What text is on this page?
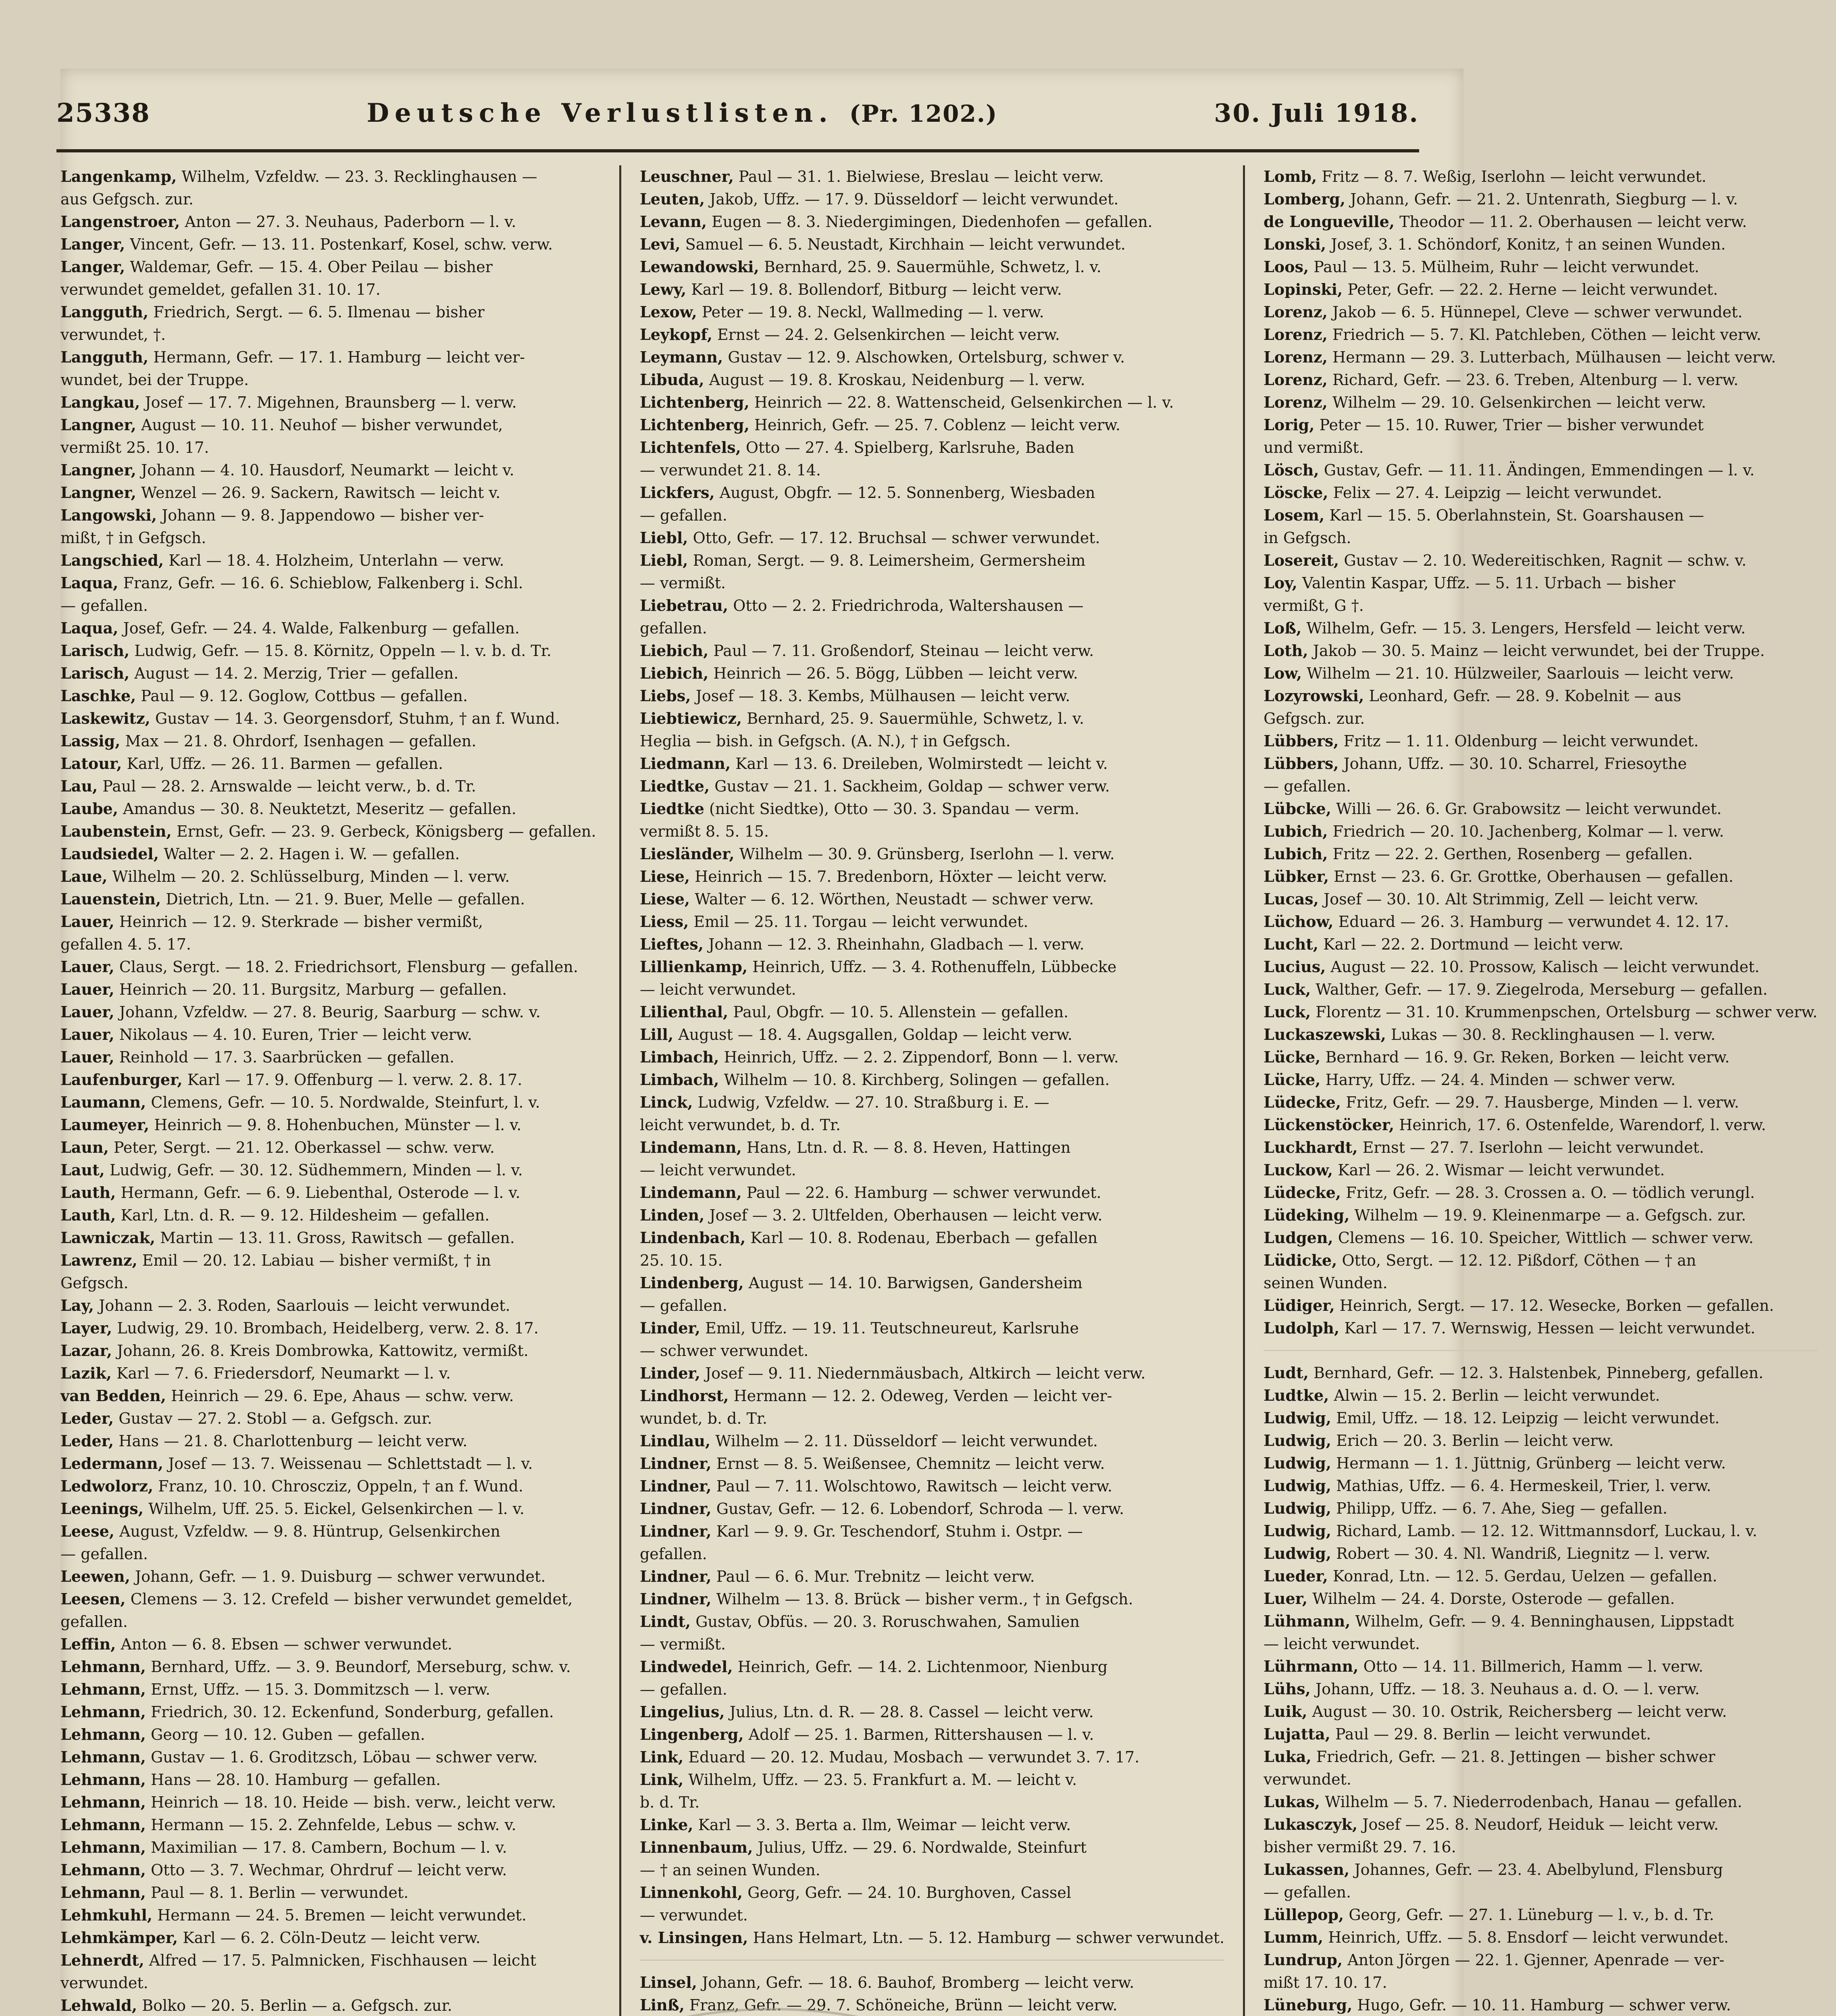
25338	Deutsche Verlustlisten. (Pr. 1202.)	30. Juli 1918.
Langenkamp, Wilhelm, Vzfeldw. — 23. 3. Recklinghausen —
aus Gefgsch. zur.
Langenstroer, Anton — 27. 3. Neuhaus, Paderborn — l. v.
Langer, Vincent, Gefr. — 13. 11. Postenkarf, Kosel, schw. verw.
Langer, Waldemar, Gefr. — 15. 4. Ober Peilau — bisher
verwundet gemeldet, gefallen 31. 10. 17.
Langguth, Friedrich, Sergt. — 6. 5. Ilmenau — bisher
verwundet, †.
Langguth, Hermann, Gefr. — 17. 1. Hamburg — leicht ver-
wundet, bei der Truppe.
Langkau, Josef — 17. 7. Migehnen, Braunsberg — l. verw.
Langner, August — 10. 11. Neuhof — bisher verwundet,
vermißt 25. 10. 17.
Langner, Johann — 4. 10. Hausdorf, Neumarkt — leicht v.
Langner, Wenzel — 26. 9. Sackern, Rawitsch — leicht v.
Langowski, Johann — 9. 8. Jappendowo — bisher ver-
mißt, † in Gefgsch.
Langschied, Karl — 18. 4. Holzheim, Unterlahn — verw.
Laqua, Franz, Gefr. — 16. 6. Schieblow, Falkenberg i. Schl.
— gefallen.
Laqua, Josef, Gefr. — 24. 4. Walde, Falkenburg — gefallen.
Larisch, Ludwig, Gefr. — 15. 8. Körnitz, Oppeln — l. v. b. d. Tr.
Larisch, August — 14. 2. Merzig, Trier — gefallen.
Laschke, Paul — 9. 12. Goglow, Cottbus — gefallen.
Laskewitz, Gustav — 14. 3. Georgensdorf, Stuhm, † an f. Wund.
Lassig, Max — 21. 8. Ohrdorf, Isenhagen — gefallen.
Latour, Karl, Uffz. — 26. 11. Barmen — gefallen.
Lau, Paul — 28. 2. Arnswalde — leicht verw., b. d. Tr.
Laube, Amandus — 30. 8. Neuktetzt, Meseritz — gefallen.
Laubenstein, Ernst, Gefr. — 23. 9. Gerbeck, Königsberg — gefallen.
Laudsiedel, Walter — 2. 2. Hagen i. W. — gefallen.
Laue, Wilhelm — 20. 2. Schlüsselburg, Minden — l. verw.
Lauenstein, Dietrich, Ltn. — 21. 9. Buer, Melle — gefallen.
Lauer, Heinrich — 12. 9. Sterkrade — bisher vermißt,
gefallen 4. 5. 17.
Lauer, Claus, Sergt. — 18. 2. Friedrichsort, Flensburg — gefallen.
Lauer, Heinrich — 20. 11. Burgsitz, Marburg — gefallen.
Lauer, Johann, Vzfeldw. — 27. 8. Beurig, Saarburg — schw. v.
Lauer, Nikolaus — 4. 10. Euren, Trier — leicht verw.
Lauer, Reinhold — 17. 3. Saarbrücken — gefallen.
Laufenburger, Karl — 17. 9. Offenburg — l. verw. 2. 8. 17.
Laumann, Clemens, Gefr. — 10. 5. Nordwalde, Steinfurt, l. v.
Laumeyer, Heinrich — 9. 8. Hohenbuchen, Münster — l. v.
Laun, Peter, Sergt. — 21. 12. Oberkassel — schw. verw.
Laut, Ludwig, Gefr. — 30. 12. Südhemmern, Minden — l. v.
Lauth, Hermann, Gefr. — 6. 9. Liebenthal, Osterode — l. v.
Lauth, Karl, Ltn. d. R. — 9. 12. Hildesheim — gefallen.
Lawniczak, Martin — 13. 11. Gross, Rawitsch — gefallen.
Lawrenz, Emil — 20. 12. Labiau — bisher vermißt, † in
Gefgsch.
Lay, Johann — 2. 3. Roden, Saarlouis — leicht verwundet.
Layer, Ludwig, 29. 10. Brombach, Heidelberg, verw. 2. 8. 17.
Lazar, Johann, 26. 8. Kreis Dombrowka, Kattowitz, vermißt.
Lazik, Karl — 7. 6. Friedersdorf, Neumarkt — l. v.
van Bedden, Heinrich — 29. 6. Epe, Ahaus — schw. verw.
Leder, Gustav — 27. 2. Stobl — a. Gefgsch. zur.
Leder, Hans — 21. 8. Charlottenburg — leicht verw.
Ledermann, Josef — 13. 7. Weissenau — Schlettstadt — l. v.
Ledwolorz, Franz, 10. 10. Chroscziz, Oppeln, † an f. Wund.
Leenings, Wilhelm, Uff. 25. 5. Eickel, Gelsenkirchen — l. v.
Leese, August, Vzfeldw. — 9. 8. Hüntrup, Gelsenkirchen
— gefallen.
Leewen, Johann, Gefr. — 1. 9. Duisburg — schwer verwundet.
Leesen, Clemens — 3. 12. Crefeld — bisher verwundet gemeldet,
gefallen.
Leffin, Anton — 6. 8. Ebsen — schwer verwundet.
Lehmann, Bernhard, Uffz. — 3. 9. Beundorf, Merseburg, schw. v.
Lehmann, Ernst, Uffz. — 15. 3. Dommitzsch — l. verw.
Lehmann, Friedrich, 30. 12. Eckenfund, Sonderburg, gefallen.
Lehmann, Georg — 10. 12. Guben — gefallen.
Lehmann, Gustav — 1. 6. Groditzsch, Löbau — schwer verw.
Lehmann, Hans — 28. 10. Hamburg — gefallen.
Lehmann, Heinrich — 18. 10. Heide — bish. verw., leicht verw.
Lehmann, Hermann — 15. 2. Zehnfelde, Lebus — schw. v.
Lehmann, Maximilian — 17. 8. Cambern, Bochum — l. v.
Lehmann, Otto — 3. 7. Wechmar, Ohrdruf — leicht verw.
Lehmann, Paul — 8. 1. Berlin — verwundet.
Lehmkuhl, Hermann — 24. 5. Bremen — leicht verwundet.
Lehmkämper, Karl — 6. 2. Cöln-Deutz — leicht verw.
Lehnerdt, Alfred — 17. 5. Palmnicken, Fischhausen — leicht
verwundet.
Lehwald, Bolko — 20. 5. Berlin — a. Gefgsch. zur.
Leuschner, Paul — 31. 1. Bielwiese, Breslau — leicht verw.
Leuten, Jakob, Uffz. — 17. 9. Düsseldorf — leicht verwundet.
Levann, Eugen — 8. 3. Niedergimingen, Diedenhofen — gefallen.
Levi, Samuel — 6. 5. Neustadt, Kirchhain — leicht verwundet.
Lewandowski, Bernhard, 25. 9. Sauermühle, Schwetz, l. v.
Lewy, Karl — 19. 8. Bollendorf, Bitburg — leicht verw.
Lexow, Peter — 19. 8. Neckl, Wallmeding — l. verw.
Leykopf, Ernst — 24. 2. Gelsenkirchen — leicht verw.
Leymann, Gustav — 12. 9. Alschowken, Ortelsburg, schwer v.
Libuda, August — 19. 8. Kroskau, Neidenburg — l. verw.
Lichtenberg, Heinrich — 22. 8. Wattenscheid, Gelsenkirchen — l. v.
Lichtenberg, Heinrich, Gefr. — 25. 7. Coblenz — leicht verw.
Lichtenfels, Otto — 27. 4. Spielberg, Karlsruhe, Baden
— verwundet 21. 8. 14.
Lickfers, August, Obgfr. — 12. 5. Sonnenberg, Wiesbaden
— gefallen.
Liebl, Otto, Gefr. — 17. 12. Bruchsal — schwer verwundet.
Liebl, Roman, Sergt. — 9. 8. Leimersheim, Germersheim
— vermißt.
Liebetrau, Otto — 2. 2. Friedrichroda, Waltershausen —
gefallen.
Liebich, Paul — 7. 11. Großendorf, Steinau — leicht verw.
Liebich, Heinrich — 26. 5. Bögg, Lübben — leicht verw.
Liebs, Josef — 18. 3. Kembs, Mülhausen — leicht verw.
Liebtiewicz, Bernhard, 25. 9. Sauermühle, Schwetz, l. v.
Heglia — bish. in Gefgsch. (A. N.), † in Gefgsch.
Liedmann, Karl — 13. 6. Dreileben, Wolmirstedt — leicht v.
Liedtke, Gustav — 21. 1. Sackheim, Goldap — schwer verw.
Liedtke (nicht Siedtke), Otto — 30. 3. Spandau — verm.
vermißt 8. 5. 15.
Liesländer, Wilhelm — 30. 9. Grünsberg, Iserlohn — l. verw.
Liese, Heinrich — 15. 7. Bredenborn, Höxter — leicht verw.
Liese, Walter — 6. 12. Wörthen, Neustadt — schwer verw.
Liess, Emil — 25. 11. Torgau — leicht verwundet.
Lieftes, Johann — 12. 3. Rheinhahn, Gladbach — l. verw.
Lillienkamp, Heinrich, Uffz. — 3. 4. Rothenuffeln, Lübbecke
— leicht verwundet.
Lilienthal, Paul, Obgfr. — 10. 5. Allenstein — gefallen.
Lill, August — 18. 4. Augsgallen, Goldap — leicht verw.
Limbach, Heinrich, Uffz. — 2. 2. Zippendorf, Bonn — l. verw.
Limbach, Wilhelm — 10. 8. Kirchberg, Solingen — gefallen.
Linck, Ludwig, Vzfeldw. — 27. 10. Straßburg i. E. —
leicht verwundet, b. d. Tr.
Lindemann, Hans, Ltn. d. R. — 8. 8. Heven, Hattingen
— leicht verwundet.
Lindemann, Paul — 22. 6. Hamburg — schwer verwundet.
Linden, Josef — 3. 2. Ultfelden, Oberhausen — leicht verw.
Lindenbach, Karl — 10. 8. Rodenau, Eberbach — gefallen
25. 10. 15.
Lindenberg, August — 14. 10. Barwigsen, Gandersheim
— gefallen.
Linder, Emil, Uffz. — 19. 11. Teutschneureut, Karlsruhe
— schwer verwundet.
Linder, Josef — 9. 11. Niedernmäusbach, Altkirch — leicht verw.
Lindhorst, Hermann — 12. 2. Odeweg, Verden — leicht ver-
wundet, b. d. Tr.
Lindlau, Wilhelm — 2. 11. Düsseldorf — leicht verwundet.
Lindner, Ernst — 8. 5. Weißensee, Chemnitz — leicht verw.
Lindner, Paul — 7. 11. Wolschtowo, Rawitsch — leicht verw.
Lindner, Gustav, Gefr. — 12. 6. Lobendorf, Schroda — l. verw.
Lindner, Karl — 9. 9. Gr. Teschendorf, Stuhm i. Ostpr. —
gefallen.
Lindner, Paul — 6. 6. Mur. Trebnitz — leicht verw.
Lindner, Wilhelm — 13. 8. Brück — bisher verm., † in Gefgsch.
Lindt, Gustav, Obfüs. — 20. 3. Roruschwahen, Samulien
— vermißt.
Lindwedel, Heinrich, Gefr. — 14. 2. Lichtenmoor, Nienburg
— gefallen.
Lingelius, Julius, Ltn. d. R. — 28. 8. Cassel — leicht verw.
Lingenberg, Adolf — 25. 1. Barmen, Rittershausen — l. v.
Link, Eduard — 20. 12. Mudau, Mosbach — verwundet 3. 7. 17.
Link, Wilhelm, Uffz. — 23. 5. Frankfurt a. M. — leicht v.
b. d. Tr.
Linke, Karl — 3. 3. Berta a. Ilm, Weimar — leicht verw.
Linnenbaum, Julius, Uffz. — 29. 6. Nordwalde, Steinfurt
— † an seinen Wunden.
Linnenkohl, Georg, Gefr. — 24. 10. Burghoven, Cassel
— verwundet.
v. Linsingen, Hans Helmart, Ltn. — 5. 12. Hamburg — schwer verwundet.
Linsel, Johann, Gefr. — 18. 6. Bauhof, Bromberg — leicht verw.
Linß, Franz, Gefr. — 29. 7. Schöneiche, Brünn — leicht verw.
Lomb, Fritz — 8. 7. Weßig, Iserlohn — leicht verwundet.
Lomberg, Johann, Gefr. — 21. 2. Untenrath, Siegburg — l. v.
de Longueville, Theodor — 11. 2. Oberhausen — leicht verw.
Lonski, Josef, 3. 1. Schöndorf, Konitz, † an seinen Wunden.
Loos, Paul — 13. 5. Mülheim, Ruhr — leicht verwundet.
Lopinski, Peter, Gefr. — 22. 2. Herne — leicht verwundet.
Lorenz, Jakob — 6. 5. Hünnepel, Cleve — schwer verwundet.
Lorenz, Friedrich — 5. 7. Kl. Patchleben, Cöthen — leicht verw.
Lorenz, Hermann — 29. 3. Lutterbach, Mülhausen — leicht verw.
Lorenz, Richard, Gefr. — 23. 6. Treben, Altenburg — l. verw.
Lorenz, Wilhelm — 29. 10. Gelsenkirchen — leicht verw.
Lorig, Peter — 15. 10. Ruwer, Trier — bisher verwundet
und vermißt.
Lösch, Gustav, Gefr. — 11. 11. Ändingen, Emmendingen — l. v.
Löscke, Felix — 27. 4. Leipzig — leicht verwundet.
Losem, Karl — 15. 5. Oberlahnstein, St. Goarshausen —
in Gefgsch.
Losereit, Gustav — 2. 10. Wedereitischken, Ragnit — schw. v.
Loy, Valentin Kaspar, Uffz. — 5. 11. Urbach — bisher
vermißt, G †.
Loß, Wilhelm, Gefr. — 15. 3. Lengers, Hersfeld — leicht verw.
Loth, Jakob — 30. 5. Mainz — leicht verwundet, bei der Truppe.
Low, Wilhelm — 21. 10. Hülzweiler, Saarlouis — leicht verw.
Lozyrowski, Leonhard, Gefr. — 28. 9. Kobelnit — aus
Gefgsch. zur.
Lübbers, Fritz — 1. 11. Oldenburg — leicht verwundet.
Lübbers, Johann, Uffz. — 30. 10. Scharrel, Friesoythe
— gefallen.
Lübcke, Willi — 26. 6. Gr. Grabowsitz — leicht verwundet.
Lubich, Friedrich — 20. 10. Jachenberg, Kolmar — l. verw.
Lubich, Fritz — 22. 2. Gerthen, Rosenberg — gefallen.
Lübker, Ernst — 23. 6. Gr. Grottke, Oberhausen — gefallen.
Lucas, Josef — 30. 10. Alt Strimmig, Zell — leicht verw.
Lüchow, Eduard — 26. 3. Hamburg — verwundet 4. 12. 17.
Lucht, Karl — 22. 2. Dortmund — leicht verw.
Lucius, August — 22. 10. Prossow, Kalisch — leicht verwundet.
Luck, Walther, Gefr. — 17. 9. Ziegelroda, Merseburg — gefallen.
Luck, Florentz — 31. 10. Krummenpschen, Ortelsburg — schwer verw.
Luckaszewski, Lukas — 30. 8. Recklinghausen — l. verw.
Lücke, Bernhard — 16. 9. Gr. Reken, Borken — leicht verw.
Lücke, Harry, Uffz. — 24. 4. Minden — schwer verw.
Lüdecke, Fritz, Gefr. — 29. 7. Hausberge, Minden — l. verw.
Lückenstöcker, Heinrich, 17. 6. Ostenfelde, Warendorf, l. verw.
Luckhardt, Ernst — 27. 7. Iserlohn — leicht verwundet.
Luckow, Karl — 26. 2. Wismar — leicht verwundet.
Lüdecke, Fritz, Gefr. — 28. 3. Crossen a. O. — tödlich verungl.
Lüdeking, Wilhelm — 19. 9. Kleinenmarpe — a. Gefgsch. zur.
Ludgen, Clemens — 16. 10. Speicher, Wittlich — schwer verw.
Lüdicke, Otto, Sergt. — 12. 12. Pißdorf, Cöthen — † an
seinen Wunden.
Lüdiger, Heinrich, Sergt. — 17. 12. Wesecke, Borken — gefallen.
Ludolph, Karl — 17. 7. Wernswig, Hessen — leicht verwundet.
Ludt, Bernhard, Gefr. — 12. 3. Halstenbek, Pinneberg, gefallen.
Ludtke, Alwin — 15. 2. Berlin — leicht verwundet.
Ludwig, Emil, Uffz. — 18. 12. Leipzig — leicht verwundet.
Ludwig, Erich — 20. 3. Berlin — leicht verw.
Ludwig, Hermann — 1. 1. Jüttnig, Grünberg — leicht verw.
Ludwig, Mathias, Uffz. — 6. 4. Hermeskeil, Trier, l. verw.
Ludwig, Philipp, Uffz. — 6. 7. Ahe, Sieg — gefallen.
Ludwig, Richard, Lamb. — 12. 12. Wittmannsdorf, Luckau, l. v.
Ludwig, Robert — 30. 4. Nl. Wandriß, Liegnitz — l. verw.
Lueder, Konrad, Ltn. — 12. 5. Gerdau, Uelzen — gefallen.
Luer, Wilhelm — 24. 4. Dorste, Osterode — gefallen.
Lühmann, Wilhelm, Gefr. — 9. 4. Benninghausen, Lippstadt
— leicht verwundet.
Lührmann, Otto — 14. 11. Billmerich, Hamm — l. verw.
Lühs, Johann, Uffz. — 18. 3. Neuhaus a. d. O. — l. verw.
Luik, August — 30. 10. Ostrik, Reichersberg — leicht verw.
Lujatta, Paul — 29. 8. Berlin — leicht verwundet.
Luka, Friedrich, Gefr. — 21. 8. Jettingen — bisher schwer
verwundet.
Lukas, Wilhelm — 5. 7. Niederrodenbach, Hanau — gefallen.
Lukasczyk, Josef — 25. 8. Neudorf, Heiduk — leicht verw.
bisher vermißt 29. 7. 16.
Lukassen, Johannes, Gefr. — 23. 4. Abelbylund, Flensburg
— gefallen.
Lüllepop, Georg, Gefr. — 27. 1. Lüneburg — l. v., b. d. Tr.
Lumm, Heinrich, Uffz. — 5. 8. Ensdorf — leicht verwundet.
Lundrup, Anton Jörgen — 22. 1. Gjenner, Apenrade — ver-
mißt 17. 10. 17.
Lüneburg, Hugo, Gefr. — 10. 11. Hamburg — schwer verw.
